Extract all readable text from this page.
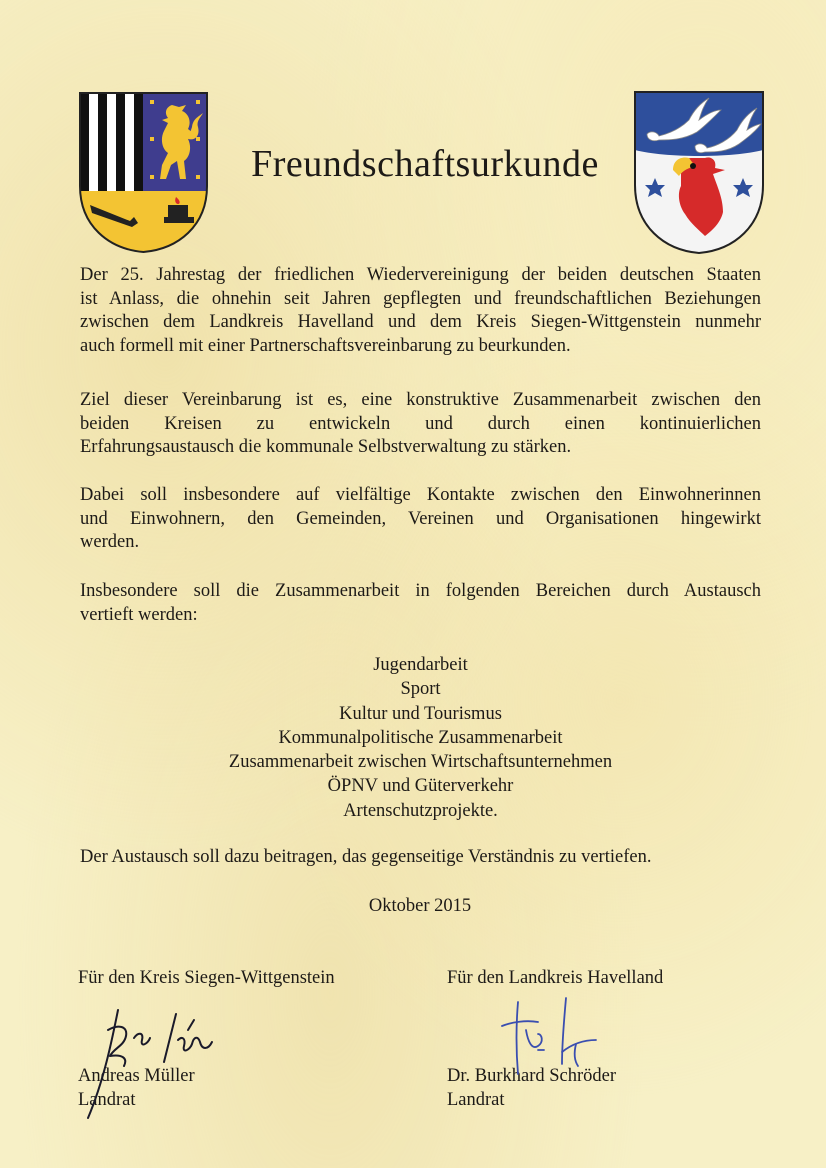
Freundschaftsurkunde

Der 25. Jahrestag der friedlichen Wiedervereinigung der beiden deutschen Staaten
ist Anlass, die ohnehin seit Jahren gepflegten und freundschaftlichen Beziehungen
zwischen dem Landkreis Havelland und dem Kreis Siegen-Wittgenstein nunmehr
auch formell mit einer Partnerschaftsvereinbarung zu beurkunden.

Ziel dieser Vereinbarung ist es, eine konstruktive Zusammenarbeit zwischen den
beiden Kreisen zu entwickeln und durch einen kontinuierlichen
Erfahrungsaustausch die kommunale Selbstverwaltung zu stärken.

Dabei soll insbesondere auf vielfältige Kontakte zwischen den Einwohnerinnen
und Einwohnern, den Gemeinden, Vereinen und Organisationen hingewirkt
werden.

Insbesondere soll die Zusammenarbeit in folgenden Bereichen durch Austausch
vertieft werden:

Jugendarbeit
Sport
Kultur und Tourismus
Kommunalpolitische Zusammenarbeit
Zusammenarbeit zwischen Wirtschaftsunternehmen
ÖPNV und Güterverkehr
Artenschutzprojekte.
Der Austausch soll dazu beitragen, das gegenseitige Verständnis zu vertiefen.
Oktober 2015
Für den Kreis Siegen-Wittgenstein	Für den Landkreis Havelland
Andreas Müller
Landrat
Dr. Burkhard Schröder
Landrat
